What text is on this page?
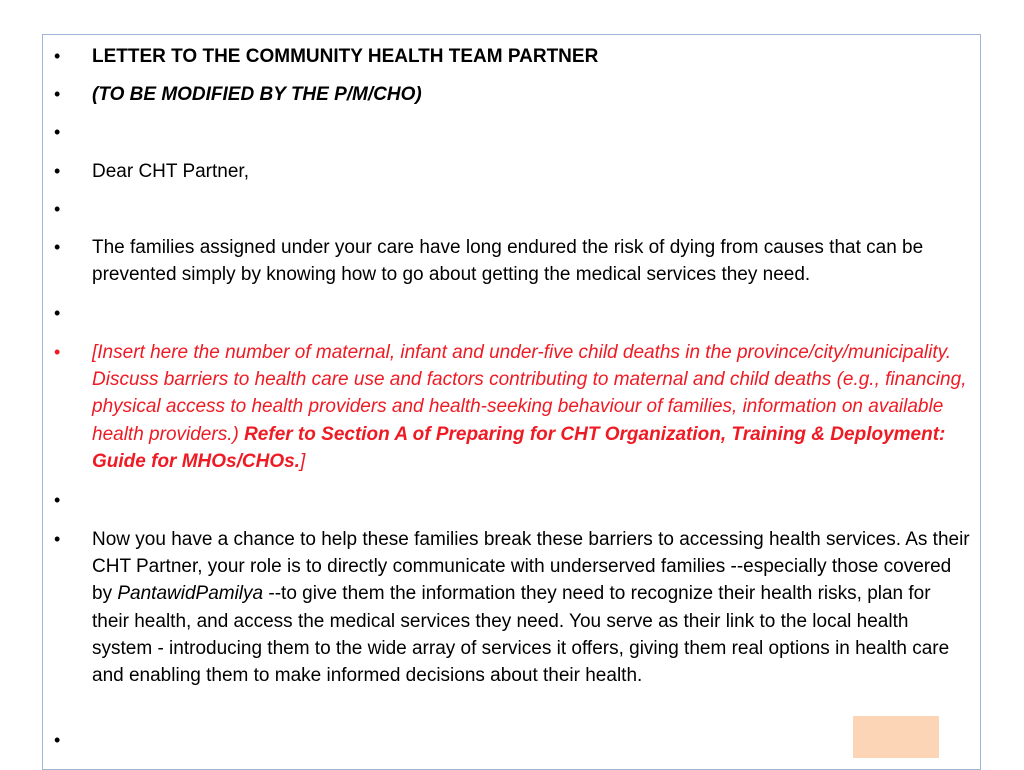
• LETTER TO THE COMMUNITY HEALTH TEAM PARTNER
• (TO BE MODIFIED BY THE P/M/CHO)
•
• Dear CHT Partner,
•
• The families assigned under your care have long endured the risk of dying from causes that can be prevented simply by knowing how to go about getting the medical services they need.
•
• [Insert here the number of maternal, infant and under-five child deaths in the province/city/municipality. Discuss barriers to health care use and factors contributing to maternal and child deaths (e.g., financing, physical access to health providers and health-seeking behaviour of families, information on available health providers.) Refer to Section A of Preparing for CHT Organization, Training & Deployment: Guide for MHOs/CHOs.]
•
• Now you have a chance to help these families break these barriers to accessing health services. As their CHT Partner, your role is to directly communicate with underserved families --especially those covered by PantawidPamilya --to give them the information they need to recognize their health risks, plan for their health, and access the medical services they need. You serve as their link to the local health system - introducing them to the wide array of services it offers, giving them real options in health care and enabling them to make informed decisions about their health.
•
